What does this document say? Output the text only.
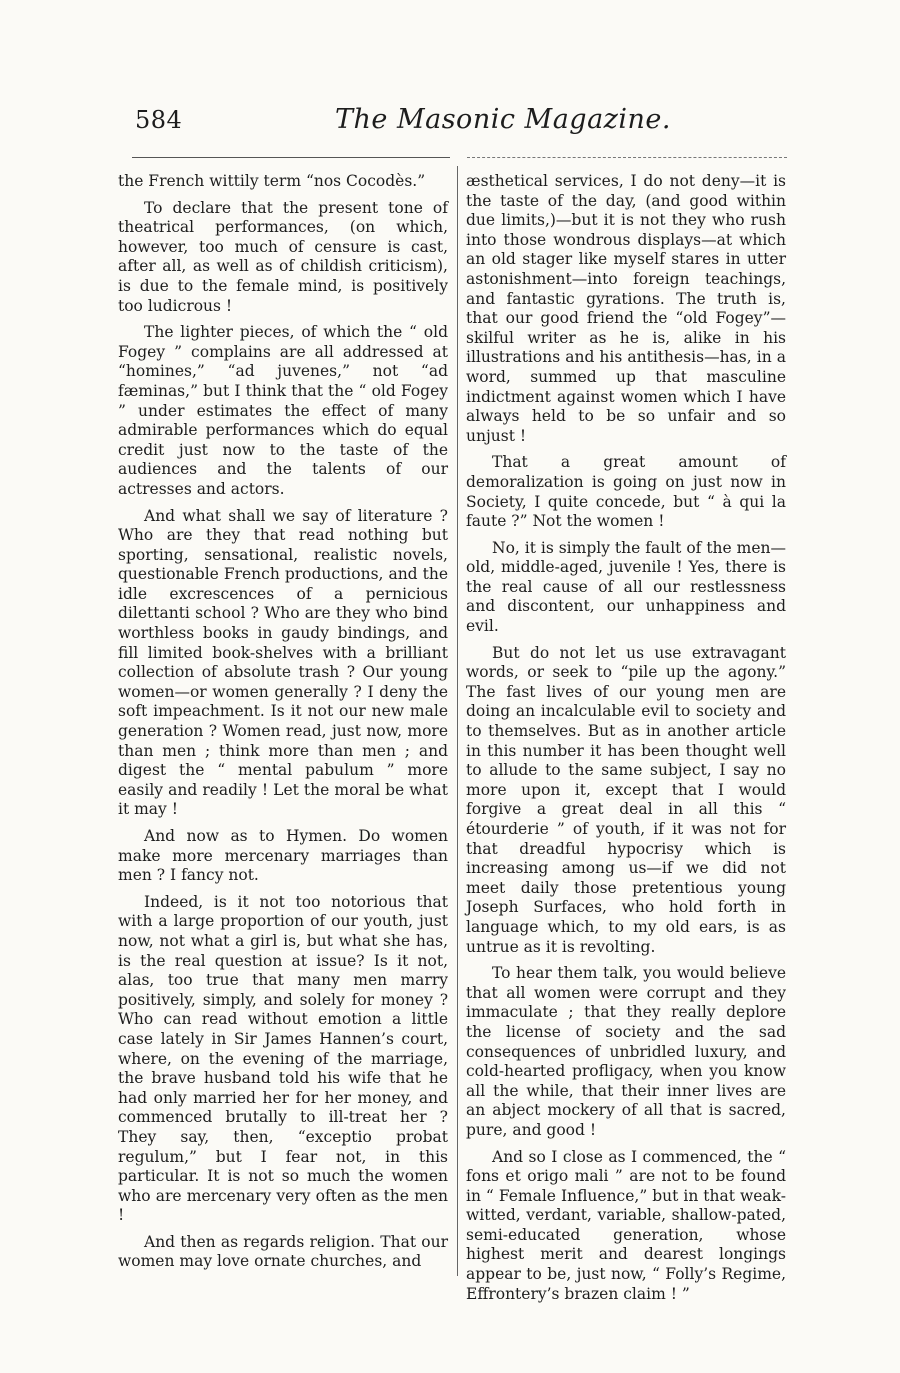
584	The Masonic Magazine.

the French wittily term “nos Cocodès.”

To declare that the present tone of theatrical performances, (on which, however, too much of censure is cast, after all, as well as of childish criticism), is due to the female mind, is positively too ludicrous !

The lighter pieces, of which the “ old Fogey ” complains are all addressed at “homines,” “ad juvenes,” not “ad fæminas,” but I think that the “ old Fogey ” under estimates the effect of many admirable performances which do equal credit just now to the taste of the audiences and the talents of our actresses and actors.

And what shall we say of literature ? Who are they that read nothing but sporting, sensational, realistic novels, questionable French productions, and the idle excrescences of a pernicious dilettanti school ? Who are they who bind worthless books in gaudy bindings, and fill limited book-shelves with a brilliant collection of absolute trash ? Our young women—or women generally ? I deny the soft impeachment. Is it not our new male generation ? Women read, just now, more than men ; think more than men ; and digest the “ mental pabulum ” more easily and readily ! Let the moral be what it may !

And now as to Hymen. Do women make more mercenary marriages than men ? I fancy not.

Indeed, is it not too notorious that with a large proportion of our youth, just now, not what a girl is, but what she has, is the real question at issue? Is it not, alas, too true that many men marry positively, simply, and solely for money ? Who can read without emotion a little case lately in Sir James Hannen’s court, where, on the evening of the marriage, the brave husband told his wife that he had only married her for her money, and commenced brutally to ill-treat her ? They say, then, “exceptio probat regulum,” but I fear not, in this particular. It is not so much the women who are mercenary very often as the men !

And then as regards religion. That our women may love ornate churches, and

æsthetical services, I do not deny—it is the taste of the day, (and good within due limits,)—but it is not they who rush into those wondrous displays—at which an old stager like myself stares in utter astonishment—into foreign teachings, and fantastic gyrations. The truth is, that our good friend the “old Fogey”—skilful writer as he is, alike in his illustrations and his antithesis—has, in a word, summed up that masculine indictment against women which I have always held to be so unfair and so unjust !

That a great amount of demoralization is going on just now in Society, I quite concede, but “ à qui la faute ?” Not the women !

No, it is simply the fault of the men—old, middle-aged, juvenile ! Yes, there is the real cause of all our restlessness and discontent, our unhappiness and evil.

But do not let us use extravagant words, or seek to “pile up the agony.” The fast lives of our young men are doing an incalculable evil to society and to themselves. But as in another article in this number it has been thought well to allude to the same subject, I say no more upon it, except that I would forgive a great deal in all this “ étourderie ” of youth, if it was not for that dreadful hypocrisy which is increasing among us—if we did not meet daily those pretentious young Joseph Surfaces, who hold forth in language which, to my old ears, is as untrue as it is revolting.

To hear them talk, you would believe that all women were corrupt and they immaculate ; that they really deplore the license of society and the sad consequences of unbridled luxury, and cold-hearted profligacy, when you know all the while, that their inner lives are an abject mockery of all that is sacred, pure, and good !

And so I close as I commenced, the “ fons et origo mali ” are not to be found in “ Female Influence,” but in that weak-witted, verdant, variable, shallow-pated, semi-educated generation, whose highest merit and dearest longings appear to be, just now, “ Folly’s Regime, Effrontery’s brazen claim ! ”
